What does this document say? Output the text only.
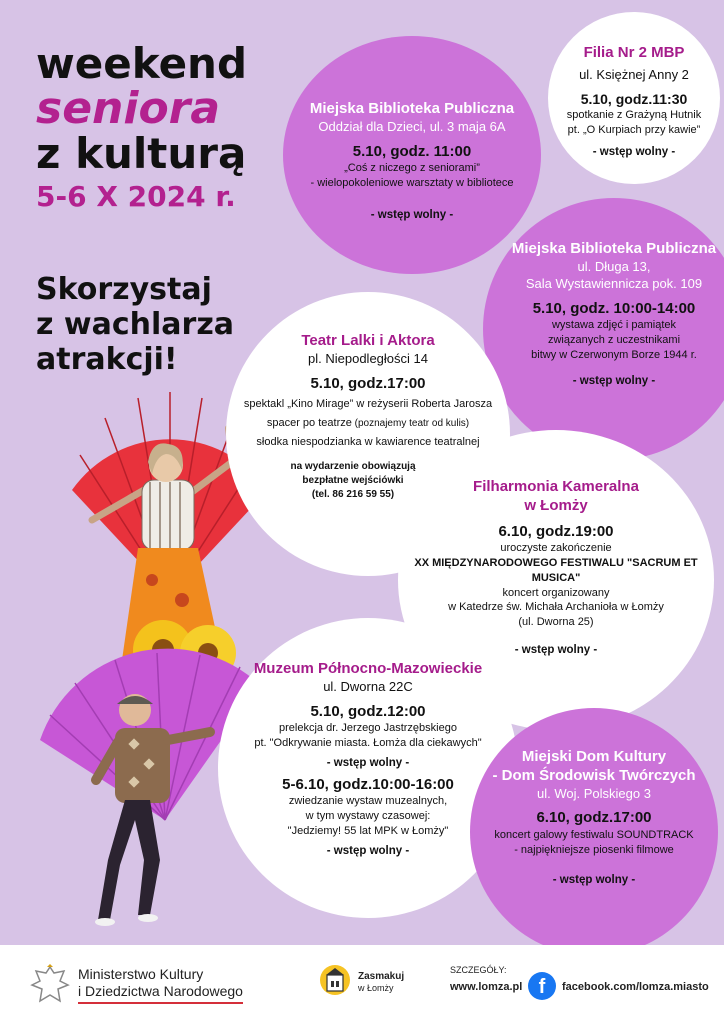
weekend
seniora
z kulturą
5-6 X 2024 r.
Skorzystaj
z wachlarza
atrakcji!
Miejska Biblioteka Publiczna
Oddział dla Dzieci, ul. 3 maja 6A
5.10, godz. 11:00
„Coś z niczego z seniorami”
- wielopokoleniowe warsztaty w bibliotece
- wstęp wolny -
Filia Nr 2 MBP
ul. Księżnej Anny 2
5.10, godz.11:30
spotkanie z Grażyną Hutnik
pt. „O Kurpiach przy kawie”
- wstęp wolny -
Miejska Biblioteka Publiczna
ul. Długa 13,
Sala Wystawiennicza pok. 109
5.10, godz. 10:00-14:00
wystawa zdjęć i pamiątek
związanych z uczestnikami
bitwy w Czerwonym Borze 1944 r.
- wstęp wolny -
Teatr Lalki i Aktora
pl. Niepodległości 14
5.10, godz.17:00
spektakl „Kino Mirage” w reżyserii Roberta Jarosza
spacer po teatrze (poznajemy teatr od kulis)
słodka niespodzianka w kawiarence teatralnej
na wydarzenie obowiązują
bezpłatne wejściówki
(tel. 86 216 59 55)	Filharmonia Kameralna
w Łomży
6.10, godz.19:00
uroczyste zakończenie
XX MIĘDZYNARODOWEGO FESTIWALU "SACRUM ET MUSICA"
koncert organizowany
w Katedrze św. Michała Archanioła w Łomży
(ul. Dworna 25)
- wstęp wolny -
Muzeum Północno-Mazowieckie
ul. Dworna 22C
5.10, godz.12:00
prelekcja dr. Jerzego Jastrzębskiego
pt. "Odkrywanie miasta. Łomża dla ciekawych"
- wstęp wolny -
5-6.10, godz.10:00-16:00
zwiedzanie wystaw muzealnych,
w tym wystawy czasowej:
"Jedziemy! 55 lat MPK w Łomży"
- wstęp wolny -
Miejski Dom Kultury
- Dom Środowisk Twórczych
ul. Woj. Polskiego 3
6.10, godz.17:00
koncert galowy festiwalu SOUNDTRACK
- najpiękniejsze piosenki filmowe
- wstęp wolny -
Ministerstwo Kultury
i Dziedzictwa Narodowego
Zasmakuj
w Łomży
SZCZEGÓŁY:
www.lomza.pl f	facebook.com/lomza.miasto
